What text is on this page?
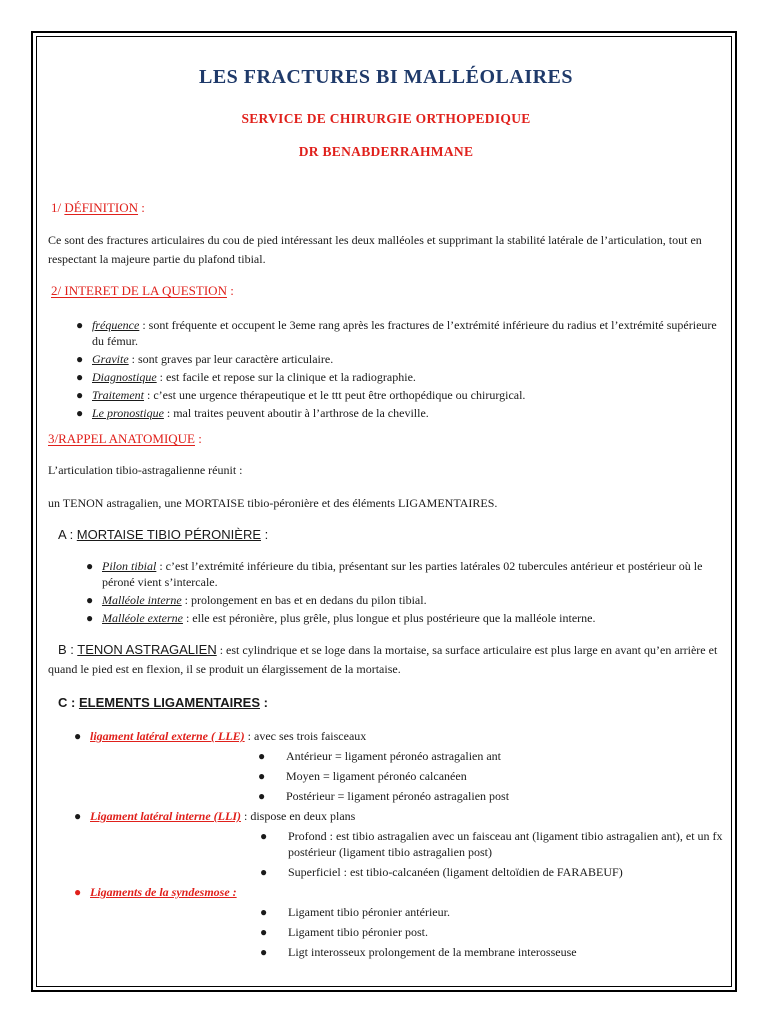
LES FRACTURES BI MALLÉOLAIRES
SERVICE DE CHIRURGIE ORTHOPEDIQUE
DR BENABDERRAHMANE
1/ DÉFINITION :

Ce sont des fractures articulaires du cou de pied intéressant les deux malléoles et supprimant la stabilité latérale de l’articulation, tout en respectant la majeure partie du plafond tibial.

2/ INTERET DE LA QUESTION :
● fréquence : sont fréquente et occupent le 3eme rang après les fractures de l’extrémité inférieure du radius et l’extrémité supérieure du fémur.
● Gravite : sont graves par leur caractère articulaire.
● Diagnostique : est facile et repose sur la clinique et la radiographie.
● Traitement : c’est une urgence thérapeutique et le ttt peut être orthopédique ou chirurgical.
● Le pronostique : mal traites peuvent aboutir à l’arthrose de la cheville.
3/RAPPEL ANATOMIQUE :

L’articulation tibio-astragalienne réunit :

un TENON astragalien, une MORTAISE tibio-péronière et des éléments LIGAMENTAIRES.

A : MORTAISE TIBIO PÉRONIÈRE :
● Pilon tibial : c’est l’extrémité inférieure du tibia, présentant sur les parties latérales 02 tubercules antérieur et postérieur où le péroné vient s’intercale.
● Malléole interne : prolongement en bas et en dedans du pilon tibial.
● Malléole externe : elle est péronière, plus grêle, plus longue et plus postérieure que la malléole interne.

B : TENON ASTRAGALIEN : est cylindrique et se loge dans la mortaise, sa surface articulaire est plus large en avant qu’en arrière et quand le pied est en flexion, il se produit un élargissement de la mortaise.

C : ELEMENTS LIGAMENTAIRES :
● ligament latéral externe ( LLE) : avec ses trois faisceaux
● Antérieur = ligament péronéo astragalien ant
● Moyen = ligament péronéo calcanéen
● Postérieur = ligament péronéo astragalien post
● Ligament latéral interne (LLI) : dispose en deux plans
● Profond : est tibio astragalien avec un faisceau ant (ligament tibio astragalien ant), et un fx postérieur (ligament tibio astragalien post)
● Superficiel : est tibio-calcanéen (ligament deltoïdien de FARABEUF)
● Ligaments de la syndesmose :
● Ligament tibio péronier antérieur.
● Ligament tibio péronier post.
● Ligt interosseux prolongement de la membrane interosseuse
